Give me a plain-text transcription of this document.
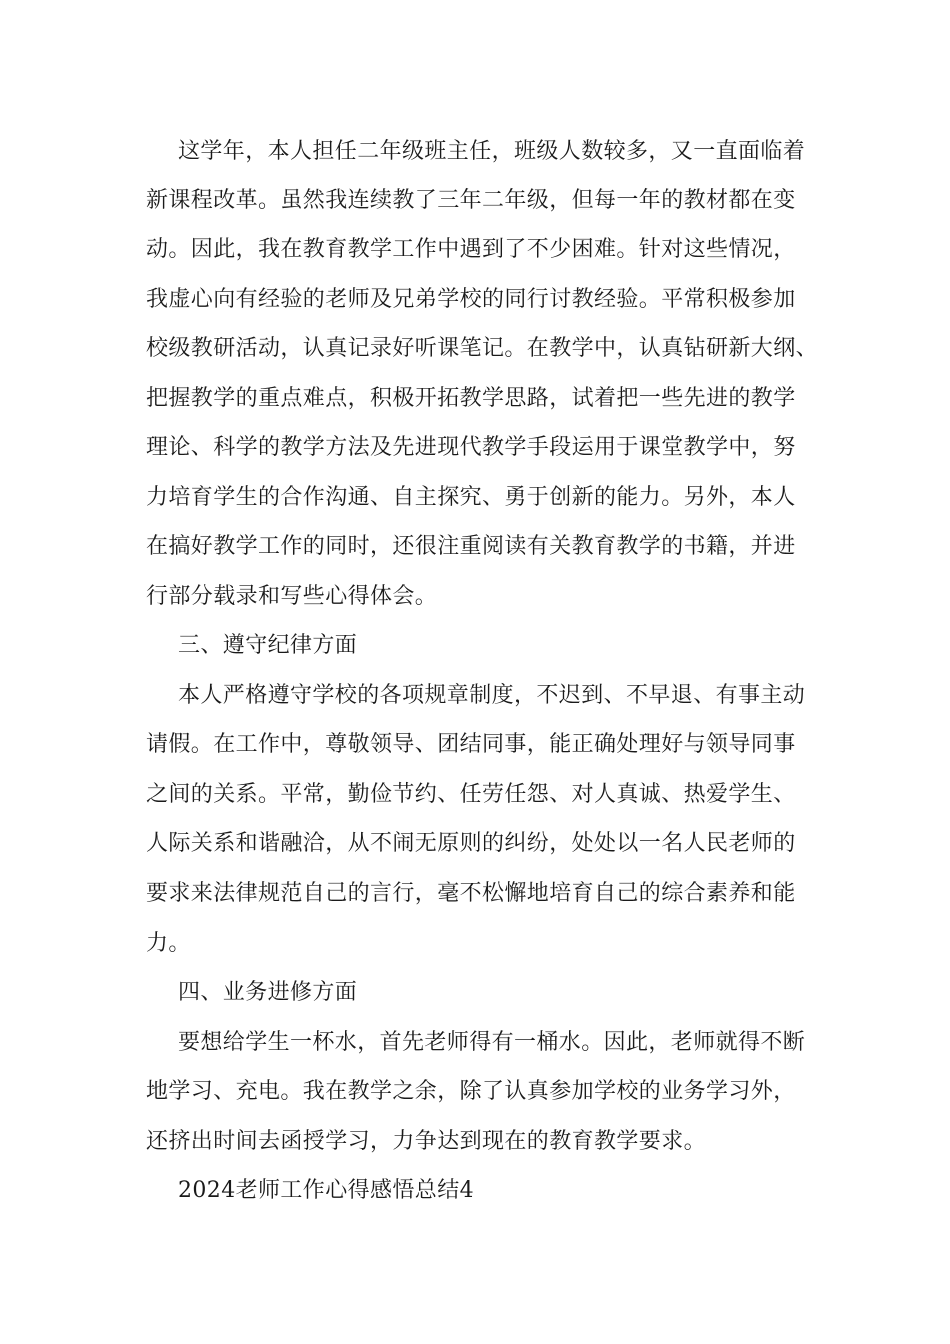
这学年，本人担任二年级班主任，班级人数较多，又一直面临着
新课程改革。虽然我连续教了三年二年级，但每一年的教材都在变
动。因此，我在教育教学工作中遇到了不少困难。针对这些情况，
我虚心向有经验的老师及兄弟学校的同行讨教经验。平常积极参加
校级教研活动，认真记录好听课笔记。在教学中，认真钻研新大纲、
把握教学的重点难点，积极开拓教学思路，试着把一些先进的教学
理论、科学的教学方法及先进现代教学手段运用于课堂教学中，努
力培育学生的合作沟通、自主探究、勇于创新的能力。另外，本人
在搞好教学工作的同时，还很注重阅读有关教育教学的书籍，并进
行部分载录和写些心得体会。
三、遵守纪律方面
本人严格遵守学校的各项规章制度，不迟到、不早退、有事主动
请假。在工作中，尊敬领导、团结同事，能正确处理好与领导同事
之间的关系。平常，勤俭节约、任劳任怨、对人真诚、热爱学生、
人际关系和谐融洽，从不闹无原则的纠纷，处处以一名人民老师的
要求来法律规范自己的言行，毫不松懈地培育自己的综合素养和能
力。
四、业务进修方面
要想给学生一杯水，首先老师得有一桶水。因此，老师就得不断
地学习、充电。我在教学之余，除了认真参加学校的业务学习外，
还挤出时间去函授学习，力争达到现在的教育教学要求。
2024老师工作心得感悟总结4
